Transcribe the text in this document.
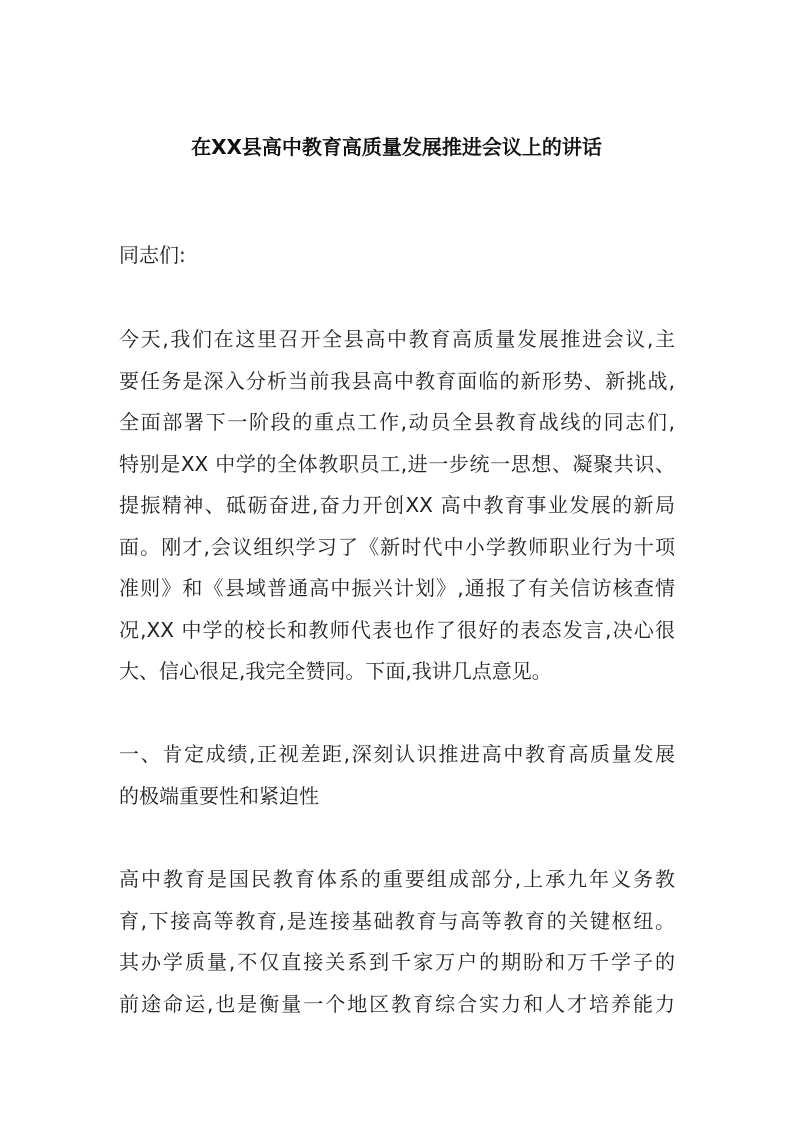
在XX县高中教育高质量发展推进会议上的讲话
同志们:
今天,我们在这里召开全县高中教育高质量发展推进会议,主
要任务是深入分析当前我县高中教育面临的新形势、新挑战,
全面部署下一阶段的重点工作,动员全县教育战线的同志们,
特别是XX 中学的全体教职员工,进一步统一思想、凝聚共识、
提振精神、砥砺奋进,奋力开创XX 高中教育事业发展的新局
面。刚才,会议组织学习了《新时代中小学教师职业行为十项
准则》和《县域普通高中振兴计划》,通报了有关信访核查情
况,XX 中学的校长和教师代表也作了很好的表态发言,决心很
大、信心很足,我完全赞同。下面,我讲几点意见。
一、肯定成绩,正视差距,深刻认识推进高中教育高质量发展
的极端重要性和紧迫性
高中教育是国民教育体系的重要组成部分,上承九年义务教
育,下接高等教育,是连接基础教育与高等教育的关键枢纽。
其办学质量,不仅直接关系到千家万户的期盼和万千学子的
前途命运,也是衡量一个地区教育综合实力和人才培养能力
